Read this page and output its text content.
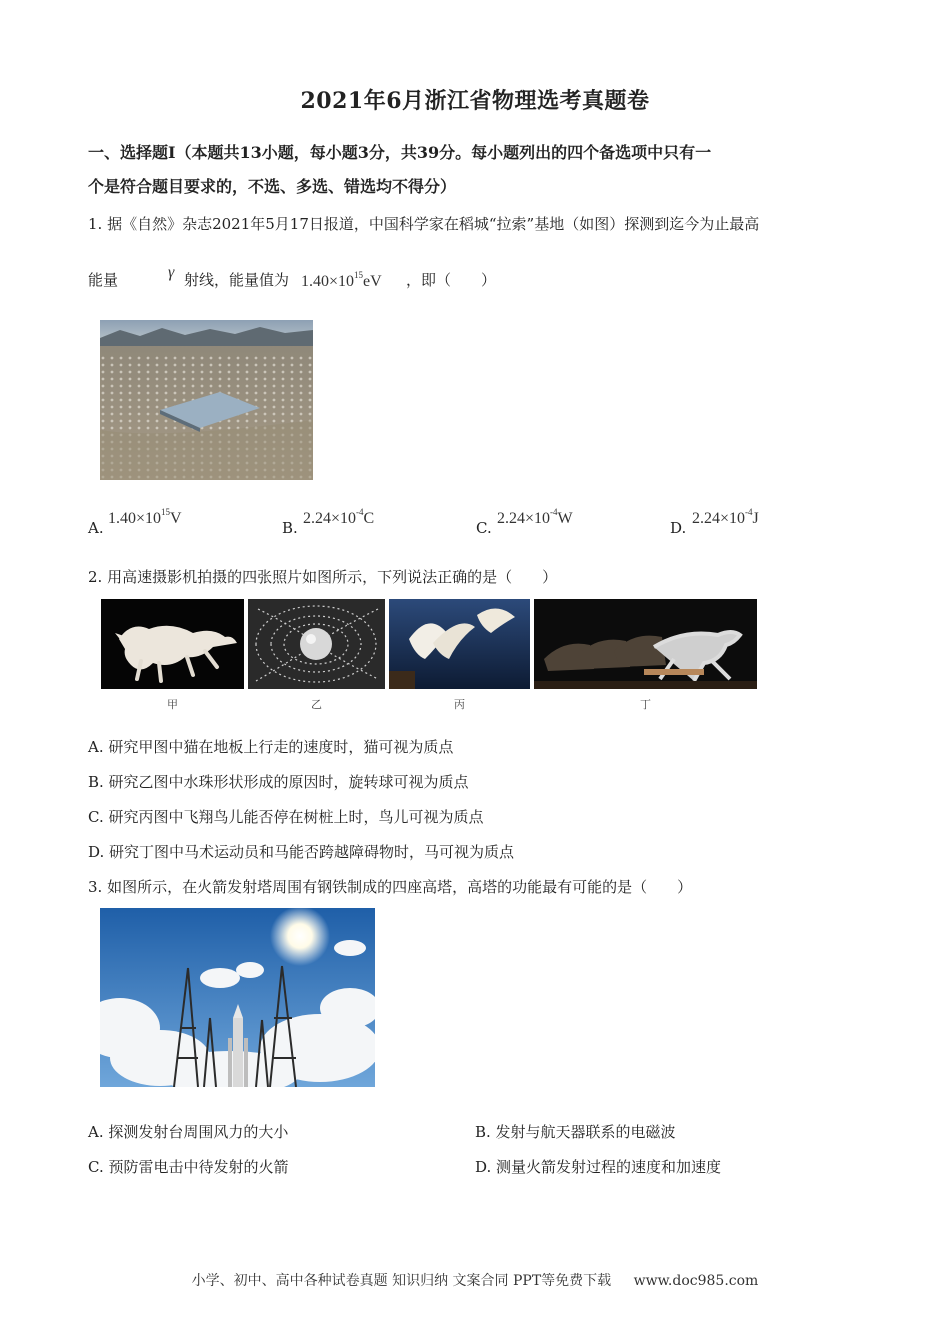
2021年6月浙江省物理选考真题卷
一、选择题Ⅰ（本题共13小题，每小题3分，共39分。每小题列出的四个备选项中只有一
个是符合题目要求的，不选、多选、错选均不得分）
1. 据《自然》杂志2021年5月17日报道，中国科学家在稻城“拉索”基地（如图）探测到迄今为止最高
能量	γ 射线，能量值为 $1.40\times 10^{15}eV$ ，即（　　）
A.
$1.40\times 10^{15}V$
B.
$2.24\times 10^{-4}C$
C.
$2.24\times 10^{-4}W$
D.
$2.24\times 10^{-4}J$
2. 用高速摄影机拍摄的四张照片如图所示，下列说法正确的是（　　）
甲	乙	丙	丁
A. 研究甲图中猫在地板上行走的速度时，猫可视为质点
B. 研究乙图中水珠形状形成的原因时，旋转球可视为质点
C. 研究丙图中飞翔鸟儿能否停在树桩上时，鸟儿可视为质点
D. 研究丁图中马术运动员和马能否跨越障碍物时，马可视为质点
3. 如图所示，在火箭发射塔周围有钢铁制成的四座高塔，高塔的功能最有可能的是（　　）
A. 探测发射台周围风力的大小	B. 发射与航天器联系的电磁波
C. 预防雷电击中待发射的火箭	D. 测量火箭发射过程的速度和加速度
小学、初中、高中各种试卷真题 知识归纳 文案合同 PPT等免费下载 www.doc985.com
